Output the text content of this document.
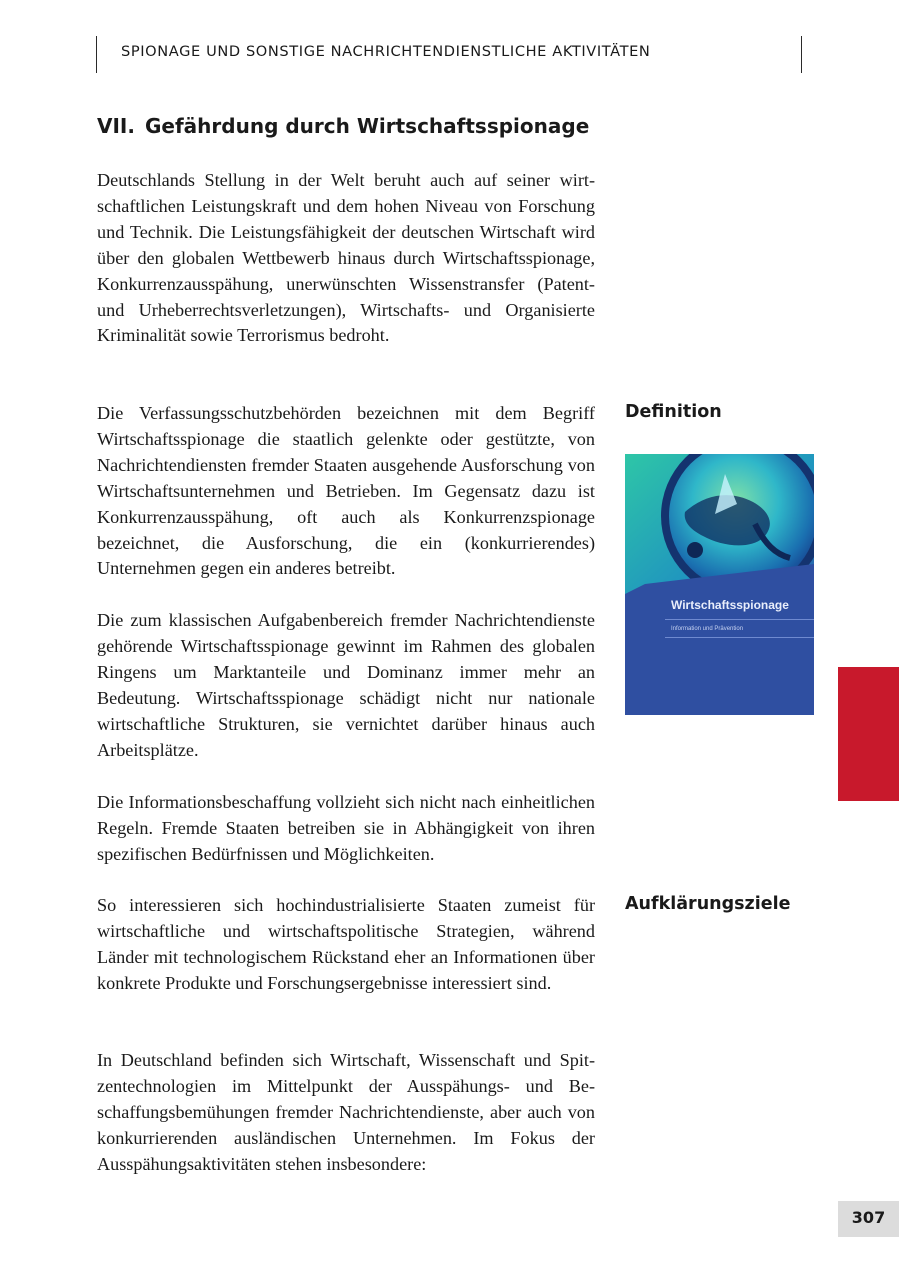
SPIONAGE UND SONSTIGE NACHRICHTENDIENSTLICHE AKTIVITÄTEN
VII. Gefährdung durch Wirtschaftsspionage

Deutschlands Stellung in der Welt beruht auch auf seiner wirtschaftlichen Leistungskraft und dem hohen Niveau von Forschung und Technik. Die Leistungsfähigkeit der deutschen Wirtschaft wird über den globalen Wettbewerb hinaus durch Wirtschaftsspionage, Konkurrenzausspähung, unerwünschten Wissenstransfer (Patent- und Urheberrechtsverletzungen), Wirtschafts- und Organisierte Kriminalität sowie Terrorismus bedroht.

Die Verfassungsschutzbehörden bezeichnen mit dem Begriff Wirtschaftsspionage die staatlich gelenkte oder gestützte, von Nachrichtendiensten fremder Staaten ausgehende Ausforschung von Wirtschaftsunternehmen und Betrieben. Im Gegensatz dazu ist Konkurrenzausspähung, oft auch als Konkurrenzspionage bezeichnet, die Ausforschung, die ein (konkurrierendes) Unternehmen gegen ein anderes betreibt.

Die zum klassischen Aufgabenbereich fremder Nachrichtendienste gehörende Wirtschaftsspionage gewinnt im Rahmen des globalen Ringens um Marktanteile und Dominanz immer mehr an Bedeutung. Wirtschaftsspionage schädigt nicht nur nationale wirtschaftliche Strukturen, sie vernichtet darüber hinaus auch Arbeitsplätze.

Die Informationsbeschaffung vollzieht sich nicht nach einheitlichen Regeln. Fremde Staaten betreiben sie in Abhängigkeit von ihren spezifischen Bedürfnissen und Möglichkeiten.

So interessieren sich hochindustrialisierte Staaten zumeist für wirtschaftliche und wirtschaftspolitische Strategien, während Länder mit technologischem Rückstand eher an Informationen über konkrete Produkte und Forschungsergebnisse interessiert sind.

In Deutschland befinden sich Wirtschaft, Wissenschaft und Spitzentechnologien im Mittelpunkt der Ausspähungs- und Beschaffungsbemühungen fremder Nachrichtendienste, aber auch von konkurrierenden ausländischen Unternehmen. Im Fokus der Ausspähungsaktivitäten stehen insbesondere:

Definition
Wirtschaftsspionage
Information und Prävention
Aufklärungsziele
307
